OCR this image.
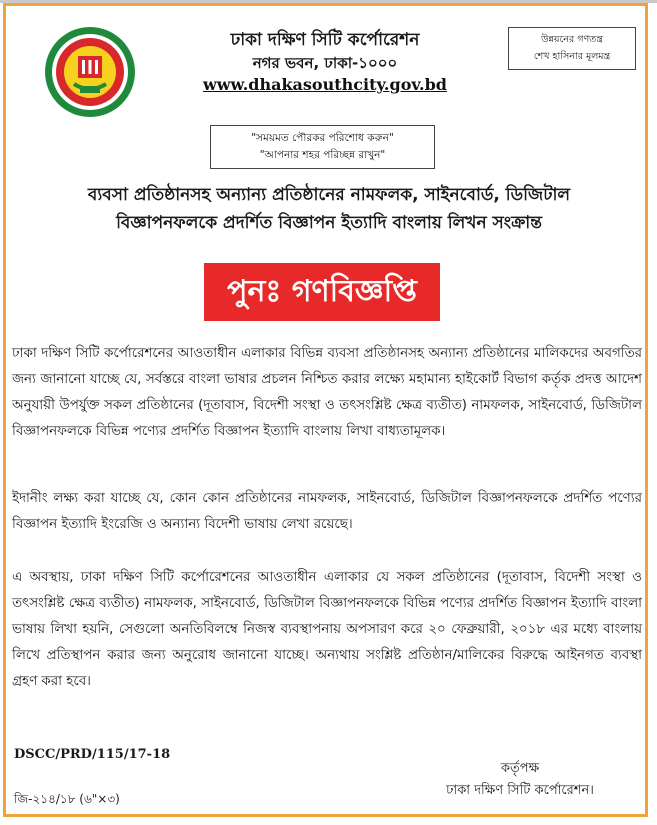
ঢাকা দক্ষিণ সিটি কর্পোরেশন
নগর ভবন, ঢাকা-১০০০
www.dhakasouthcity.gov.bd
উন্নয়নের গণতন্ত্র
শেখ হাসিনার মূলমন্ত্র
"সময়মত পৌরকর পরিশোধ করুন"
"আপনার শহর পরিচ্ছন্ন রাখুন"
ব্যবসা প্রতিষ্ঠানসহ অন্যান্য প্রতিষ্ঠানের নামফলক, সাইনবোর্ড, ডিজিটাল
বিজ্ঞাপনফলকে প্রদর্শিত বিজ্ঞাপন ইত্যাদি বাংলায় লিখন সংক্রান্ত
পুনঃ গণবিজ্ঞপ্তি
ঢাকা দক্ষিণ সিটি কর্পোরেশনের আওতাধীন এলাকার বিভিন্ন ব্যবসা প্রতিষ্ঠানসহ অন্যান্য প্রতিষ্ঠানের মালিকদের অবগতির জন্য জানানো যাচ্ছে যে, সর্বস্তরে বাংলা ভাষার প্রচলন নিশ্চিত করার লক্ষ্যে মহামান্য হাইকোর্ট বিভাগ কর্তৃক প্রদত্ত আদেশ অনুযায়ী উপর্যুক্ত সকল প্রতিষ্ঠানের (দূতাবাস, বিদেশী সংস্থা ও তৎসংশ্লিষ্ট ক্ষেত্র ব্যতীত) নামফলক, সাইনবোর্ড, ডিজিটাল বিজ্ঞাপনফলকে বিভিন্ন পণ্যের প্রদর্শিত বিজ্ঞাপন ইত্যাদি বাংলায় লিখা বাধ্যতামূলক।
ইদানীং লক্ষ্য করা যাচ্ছে যে, কোন কোন প্রতিষ্ঠানের নামফলক, সাইনবোর্ড, ডিজিটাল বিজ্ঞাপনফলকে প্রদর্শিত পণ্যের বিজ্ঞাপন ইত্যাদি ইংরেজি ও অন্যান্য বিদেশী ভাষায় লেখা রয়েছে।
এ অবস্থায়, ঢাকা দক্ষিণ সিটি কর্পোরেশনের আওতাধীন এলাকার যে সকল প্রতিষ্ঠানের (দূতাবাস, বিদেশী সংস্থা ও তৎসংশ্লিষ্ট ক্ষেত্র ব্যতীত) নামফলক, সাইনবোর্ড, ডিজিটাল বিজ্ঞাপনফলকে বিভিন্ন পণ্যের প্রদর্শিত বিজ্ঞাপন ইত্যাদি বাংলা ভাষায় লিখা হয়নি, সেগুলো অনতিবিলম্বে নিজস্ব ব্যবস্থাপনায় অপসারণ করে ২০ ফেব্রুয়ারী, ২০১৮ এর মধ্যে বাংলায় লিখে প্রতিস্থাপন করার জন্য অনুরোধ জানানো যাচ্ছে। অন্যথায় সংশ্লিষ্ট প্রতিষ্ঠান/মালিকের বিরুদ্ধে আইনগত ব্যবস্থা গ্রহণ করা হবে।
DSCC/PRD/115/17-18
জি-২১৪/১৮ (৬"×৩)
কর্তৃপক্ষ
ঢাকা দক্ষিণ সিটি কর্পোরেশন।
